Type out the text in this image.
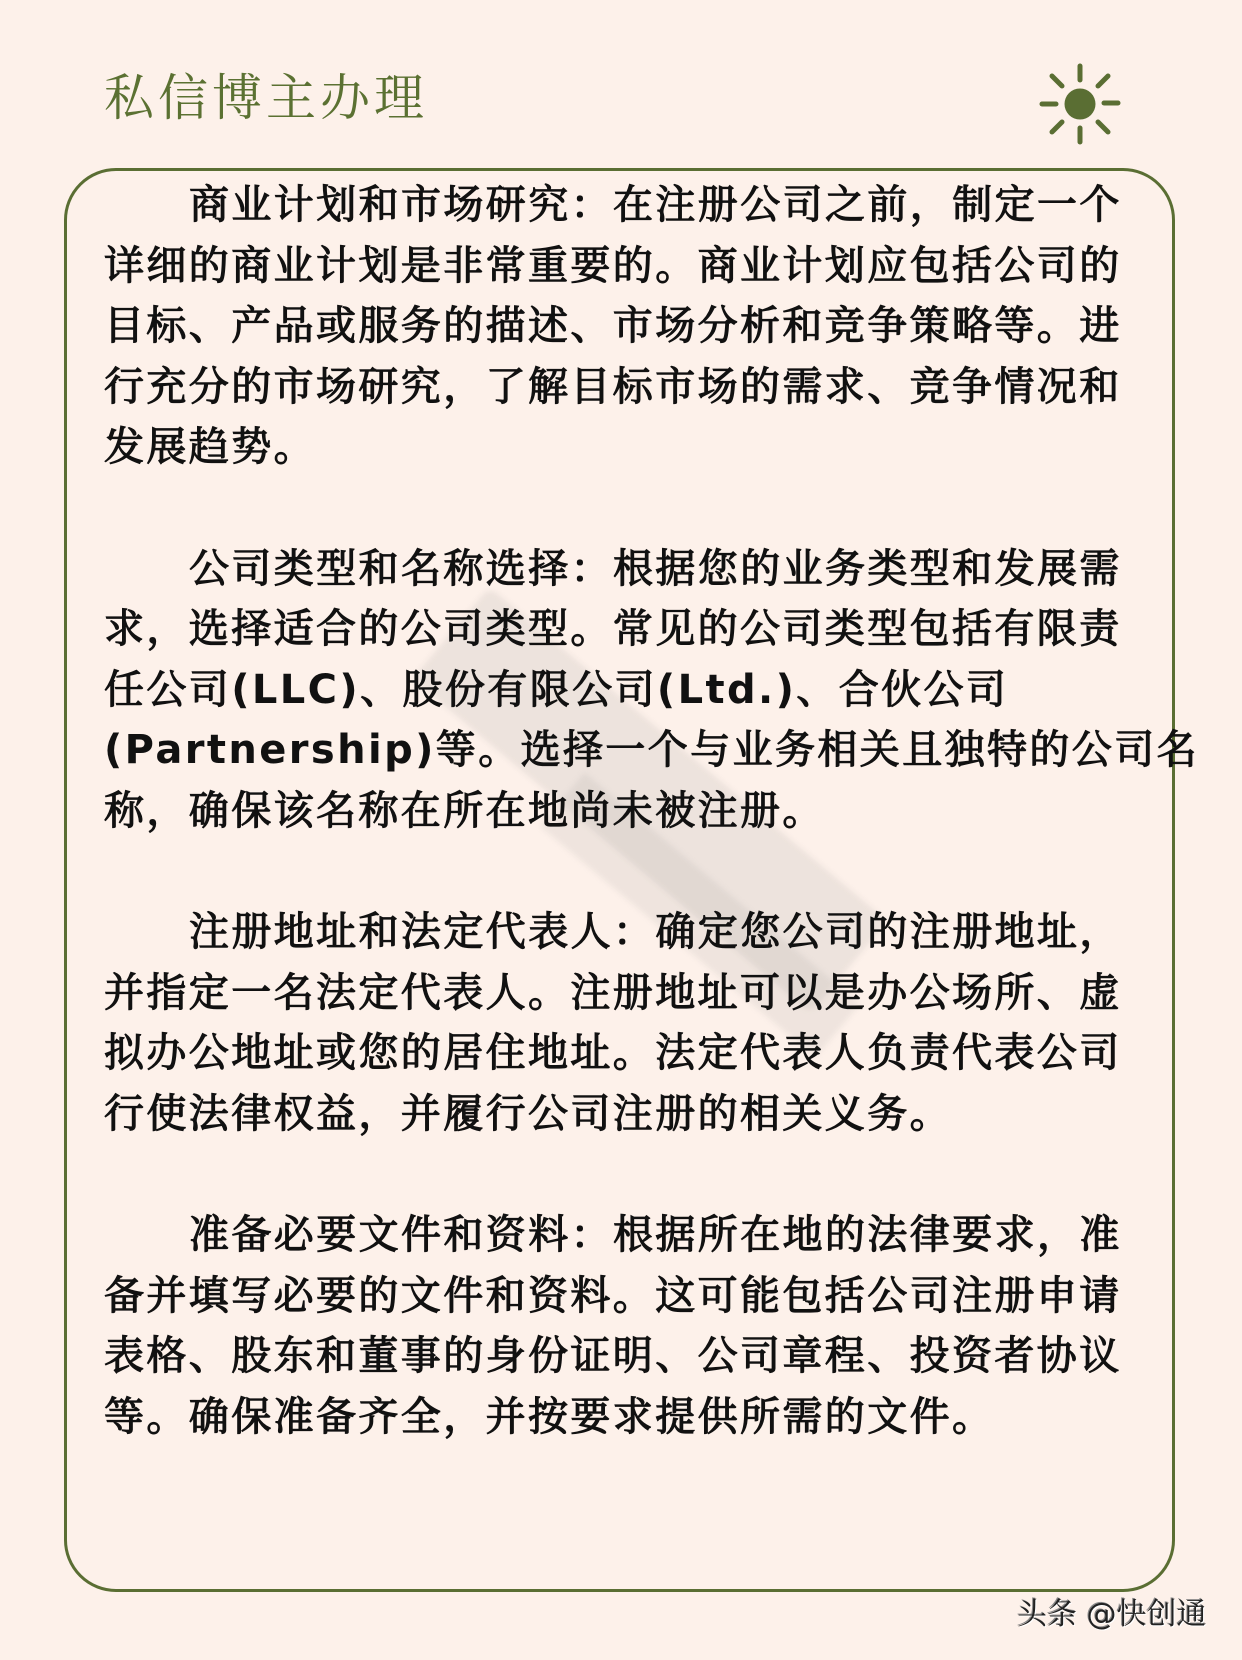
私信博主办理
商业计划和市场研究：在注册公司之前，制定一个
详细的商业计划是非常重要的。商业计划应包括公司的
目标、产品或服务的描述、市场分析和竞争策略等。进
行充分的市场研究，了解目标市场的需求、竞争情况和
发展趋势。
公司类型和名称选择：根据您的业务类型和发展需
求，选择适合的公司类型。常见的公司类型包括有限责
任公司(LLC)、股份有限公司(Ltd.)、合伙公司
(Partnership)等。选择一个与业务相关且独特的公司名
称，确保该名称在所在地尚未被注册。
注册地址和法定代表人：确定您公司的注册地址，
并指定一名法定代表人。注册地址可以是办公场所、虚
拟办公地址或您的居住地址。法定代表人负责代表公司
行使法律权益，并履行公司注册的相关义务。
准备必要文件和资料：根据所在地的法律要求，准
备并填写必要的文件和资料。这可能包括公司注册申请
表格、股东和董事的身份证明、公司章程、投资者协议
等。确保准备齐全，并按要求提供所需的文件。
头条 @快创通
